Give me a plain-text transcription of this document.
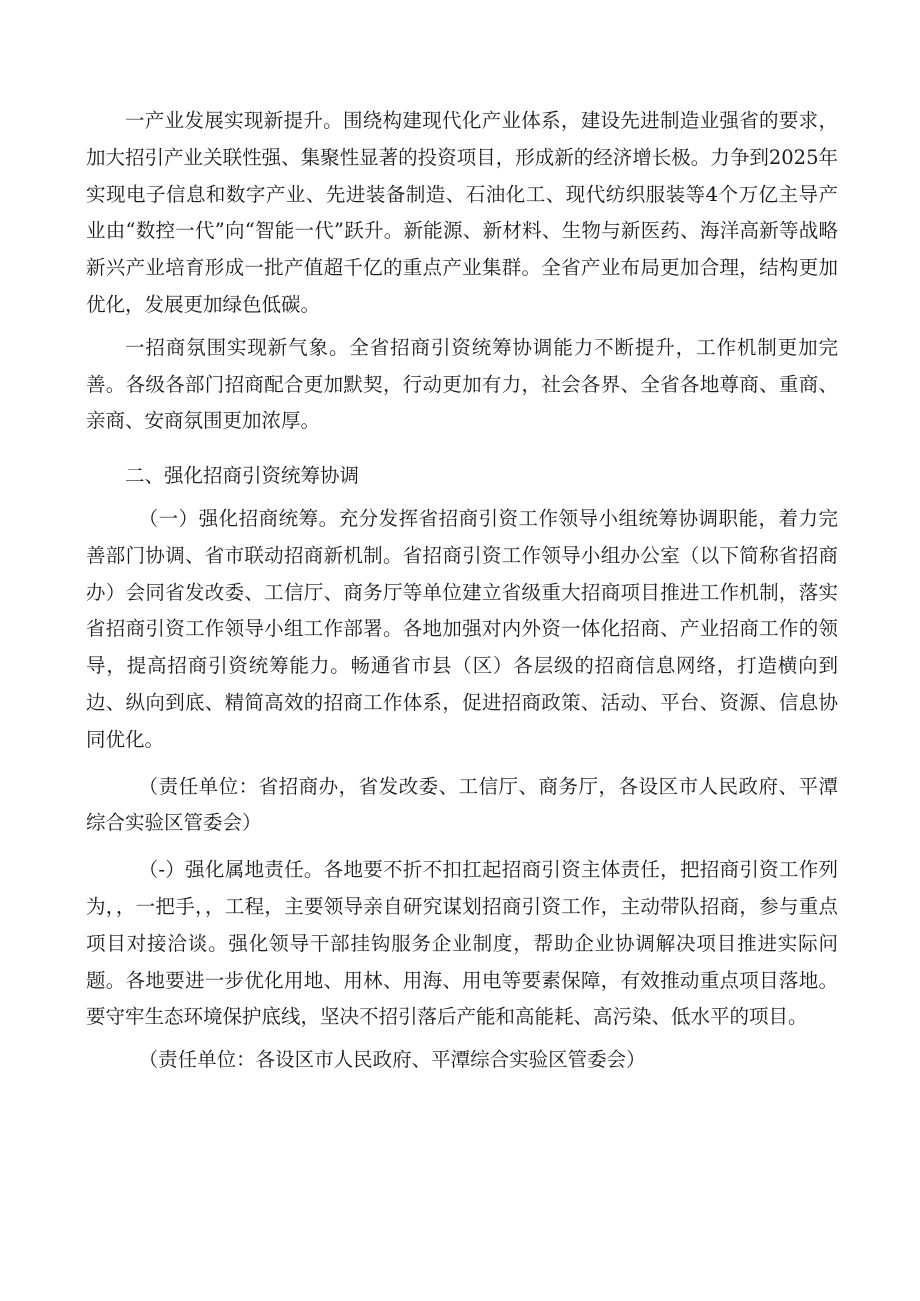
一产业发展实现新提升。围绕构建现代化产业体系，建设先进制造业强省的要求，加大招引产业关联性强、集聚性显著的投资项目，形成新的经济增长极。力争到2025年实现电子信息和数字产业、先进装备制造、石油化工、现代纺织服装等4个万亿主导产业由“数控一代”向“智能一代”跃升。新能源、新材料、生物与新医药、海洋高新等战略新兴产业培育形成一批产值超千亿的重点产业集群。全省产业布局更加合理，结构更加优化，发展更加绿色低碳。

一招商氛围实现新气象。全省招商引资统筹协调能力不断提升，工作机制更加完善。各级各部门招商配合更加默契，行动更加有力，社会各界、全省各地尊商、重商、亲商、安商氛围更加浓厚。

二、强化招商引资统筹协调

（一）强化招商统筹。充分发挥省招商引资工作领导小组统筹协调职能，着力完善部门协调、省市联动招商新机制。省招商引资工作领导小组办公室（以下简称省招商办）会同省发改委、工信厅、商务厅等单位建立省级重大招商项目推进工作机制，落实省招商引资工作领导小组工作部署。各地加强对内外资一体化招商、产业招商工作的领导，提高招商引资统筹能力。畅通省市县（区）各层级的招商信息网络，打造横向到边、纵向到底、精简高效的招商工作体系，促进招商政策、活动、平台、资源、信息协同优化。

（责任单位：省招商办，省发改委、工信厅、商务厅，各设区市人民政府、平潭综合实验区管委会）

（-）强化属地责任。各地要不折不扣扛起招商引资主体责任，把招商引资工作列为，，一把手，，工程，主要领导亲自研究谋划招商引资工作，主动带队招商，参与重点项目对接洽谈。强化领导干部挂钩服务企业制度，帮助企业协调解决项目推进实际问题。各地要进一步优化用地、用林、用海、用电等要素保障，有效推动重点项目落地。要守牢生态环境保护底线，坚决不招引落后产能和高能耗、高污染、低水平的项目。

（责任单位：各设区市人民政府、平潭综合实验区管委会）
